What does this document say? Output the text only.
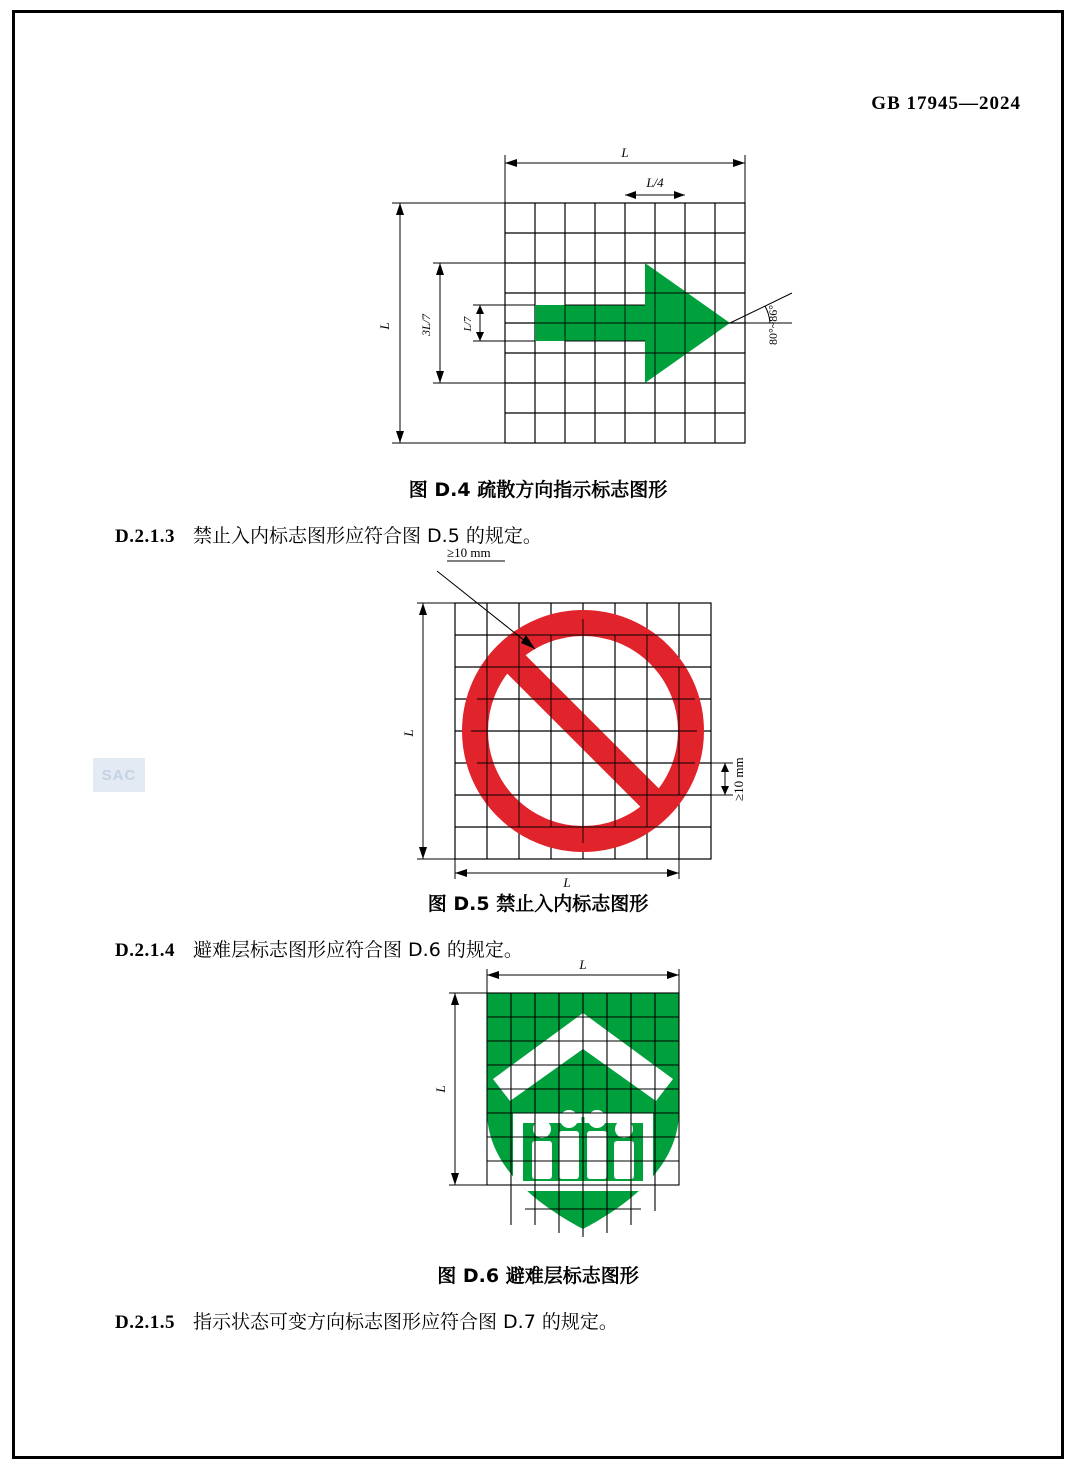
GB 17945—2024
SAC
L
L/4
L 3L/7	L/7	80°~86°
图 D.4 疏散方向指示标志图形
D.2.1.3 禁止入内标志图形应符合图 D.5 的规定。
≥10 mm
L
L
≥10 mm
图 D.5 禁止入内标志图形
D.2.1.4 避难层标志图形应符合图 D.6 的规定。
L
L
图 D.6 避难层标志图形
D.2.1.5 指示状态可变方向标志图形应符合图 D.7 的规定。
